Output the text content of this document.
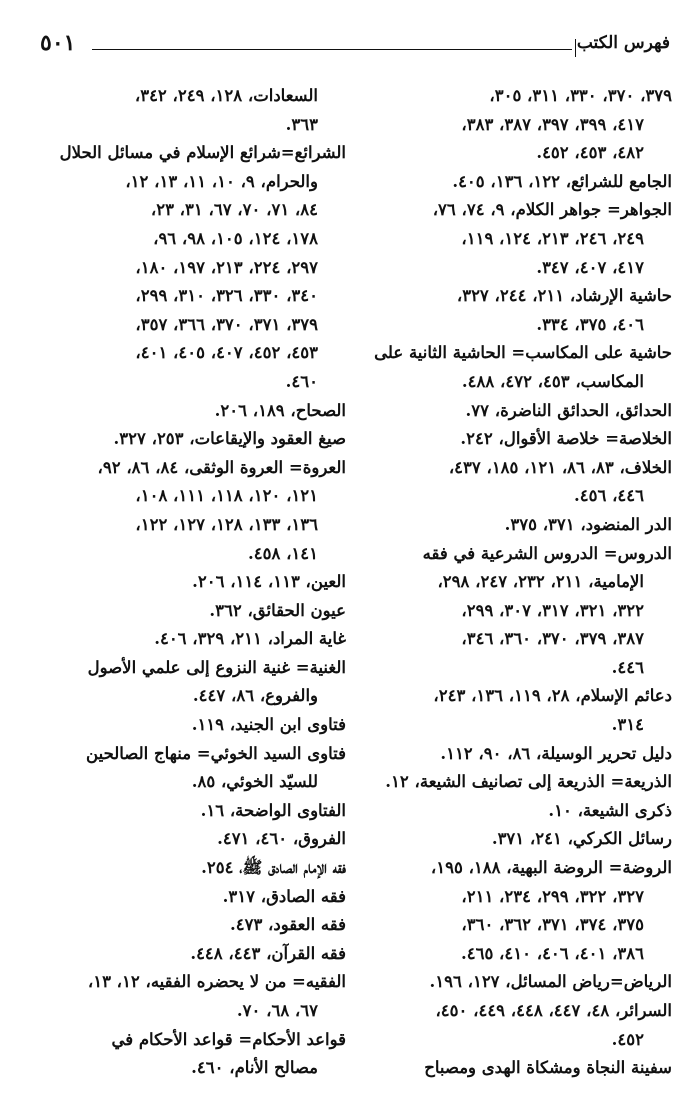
٥٠١	فهرس الكتب
٣٧٩، ٣٧٠، ٣٣٠، ٣١١، ٣٠٥،
٤١٧، ٣٩٩، ٣٩٧، ٣٨٧، ٣٨٣،
٤٨٢، ٤٥٣، ٤٥٢.
الجامع للشرائع، ١٢٢، ١٣٦، ٤٠٥.
الجواهر= جواهر الكلام، ٩، ٧٤، ٧٦،
٢٤٩، ٢٤٦، ٢١٣، ١٢٤، ١١٩،
٤١٧، ٤٠٧، ٣٤٧.
حاشية الإرشاد، ٢١١، ٢٤٤، ٣٢٧،
٤٠٦، ٣٧٥، ٣٣٤.
حاشية على المكاسب= الحاشية الثانية على
المكاسب، ٤٥٣، ٤٧٢، ٤٨٨.
الحدائق، الحدائق الناضرة، ٧٧.
الخلاصة= خلاصة الأقوال، ٢٤٢.
الخلاف، ٨٣، ٨٦، ١٢١، ١٨٥، ٤٣٧،
٤٤٦، ٤٥٦.
الدر المنضود، ٣٧١، ٣٧٥.
الدروس= الدروس الشرعية في فقه
الإمامية، ٢١١، ٢٣٢، ٢٤٧، ٢٩٨،
٣٢٢، ٣٢١، ٣١٧، ٣٠٧، ٢٩٩،
٣٨٧، ٣٧٩، ٣٧٠، ٣٦٠، ٣٤٦،
٤٤٦.
دعائم الإسلام، ٢٨، ١١٩، ١٣٦، ٢٤٣،
٣١٤.
دليل تحرير الوسيلة، ٨٦، ٩٠، ١١٢.
الذريعة= الذريعة إلى تصانيف الشيعة، ١٢.
ذكرى الشيعة، ١٠.
رسائل الكركي، ٢٤١، ٣٧١.
الروضة= الروضة البهية، ١٨٨، ١٩٥،
٣٢٧، ٣٢٢، ٢٩٩، ٢٣٤، ٢١١،
٣٧٥، ٣٧٤، ٣٧١، ٣٦٢، ٣٦٠،
٣٨٦، ٤٠١، ٤٠٦، ٤١٠، ٤٦٥.
الرياض=رياض المسائل، ١٢٧، ١٩٦.
السرائر، ٤٨، ٤٤٧، ٤٤٨، ٤٤٩، ٤٥٠،
٤٥٢.
سفينة النجاة ومشكاة الهدى ومصباح
السعادات، ١٢٨، ٢٤٩، ٣٤٢،
٣٦٣.
الشرائع=شرائع الإسلام في مسائل الحلال
والحرام، ٩، ١٠، ١١، ١٣، ١٢،
٨٤، ٧١، ٧٠، ٦٧، ٣١، ٢٣،
١٧٨، ١٢٤، ١٠٥، ٩٨، ٩٦،
٢٩٧، ٢٢٤، ٢١٣، ١٩٧، ١٨٠،
٣٤٠، ٣٣٠، ٣٢٦، ٣١٠، ٢٩٩،
٣٧٩، ٣٧١، ٣٧٠، ٣٦٦، ٣٥٧،
٤٥٣، ٤٥٢، ٤٠٧، ٤٠٥، ٤٠١،
٤٦٠.
الصحاح، ١٨٩، ٢٠٦.
صيغ العقود والإيقاعات، ٢٥٣، ٣٢٧.
العروة= العروة الوثقى، ٨٤، ٨٦، ٩٢،
١٢١، ١٢٠، ١١٨، ١١١، ١٠٨،
١٣٦، ١٣٣، ١٢٨، ١٢٧، ١٢٢،
١٤١، ٤٥٨.
العين، ١١٣، ١١٤، ٢٠٦.
عيون الحقائق، ٣٦٢.
غاية المراد، ٢١١، ٣٢٩، ٤٠٦.
الغنية= غنية النزوع إلى علمي الأصول
والفروع، ٨٦، ٤٤٧.
فتاوى ابن الجنيد، ١١٩.
فتاوى السيد الخوئي= منهاج الصالحين
للسيّد الخوئي، ٨٥.
الفتاوى الواضحة، ١٦.
الفروق، ٤٦٠، ٤٧١.
فقه الإمام الصادق ﷺ، ٢٥٤.
فقه الصادق، ٣١٧.
فقه العقود، ٤٧٣.
فقه القرآن، ٤٤٣، ٤٤٨.
الفقيه= من لا يحضره الفقيه، ١٢، ١٣،
٦٧، ٦٨، ٧٠.
قواعد الأحكام= قواعد الأحكام في
مصالح الأنام، ٤٦٠.
